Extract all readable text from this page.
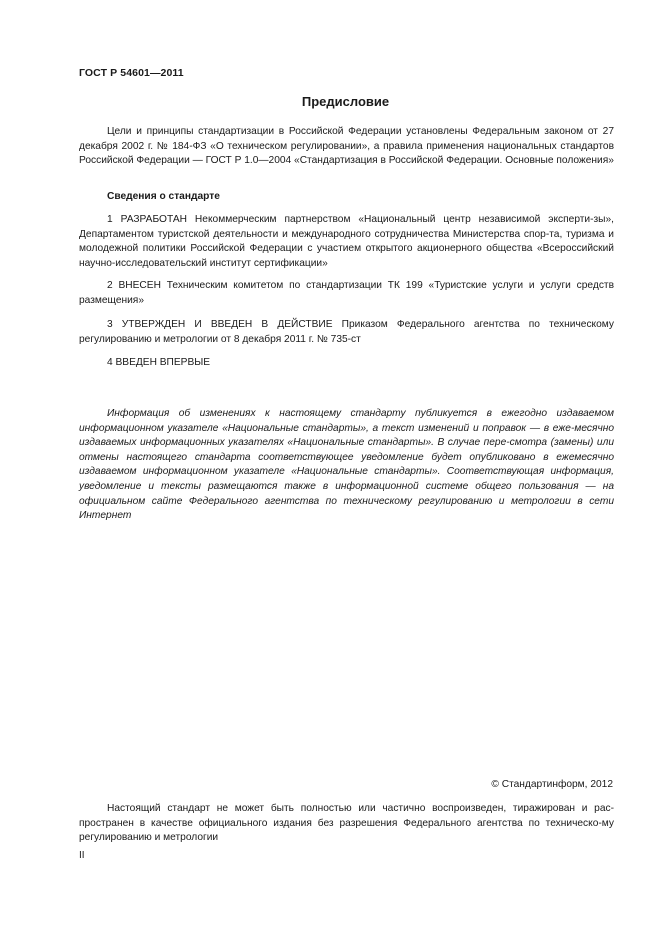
ГОСТ Р 54601—2011
Предисловие

Цели и принципы стандартизации в Российской Федерации установлены Федеральным законом от 27 декабря 2002 г. № 184-ФЗ «О техническом регулировании», а правила применения национальных стандартов Российской Федерации — ГОСТ Р 1.0—2004 «Стандартизация в Российской Федерации. Основные положения»

Сведения о стандарте

1 РАЗРАБОТАН Некоммерческим партнерством «Национальный центр независимой эксперти-зы», Департаментом туристской деятельности и международного сотрудничества Министерства спор-та, туризма и молодежной политики Российской Федерации с участием открытого акционерного общества «Всероссийский научно-исследовательский институт сертификации»

2 ВНЕСЕН Техническим комитетом по стандартизации ТК 199 «Туристские услуги и услуги средств размещения»

3 УТВЕРЖДЕН И ВВЕДЕН В ДЕЙСТВИЕ Приказом Федерального агентства по техническому регулированию и метрологии от 8 декабря 2011 г. № 735-ст

4 ВВЕДЕН ВПЕРВЫЕ

Информация об изменениях к настоящему стандарту публикуется в ежегодно издаваемом информационном указателе «Национальные стандарты», а текст изменений и поправок — в еже-месячно издаваемых информационных указателях «Национальные стандарты». В случае пере-смотра (замены) или отмены настоящего стандарта соответствующее уведомление будет опубликовано в ежемесячно издаваемом информационном указателе «Национальные стандарты». Соответствующая информация, уведомление и тексты размещаются также в информационной системе общего пользования — на официальном сайте Федерального агентства по техническому регулированию и метрологии в сети Интернет

© Стандартинформ, 2012

Настоящий стандарт не может быть полностью или частично воспроизведен, тиражирован и рас-пространен в качестве официального издания без разрешения Федерального агентства по техническо-му регулированию и метрологии

II
